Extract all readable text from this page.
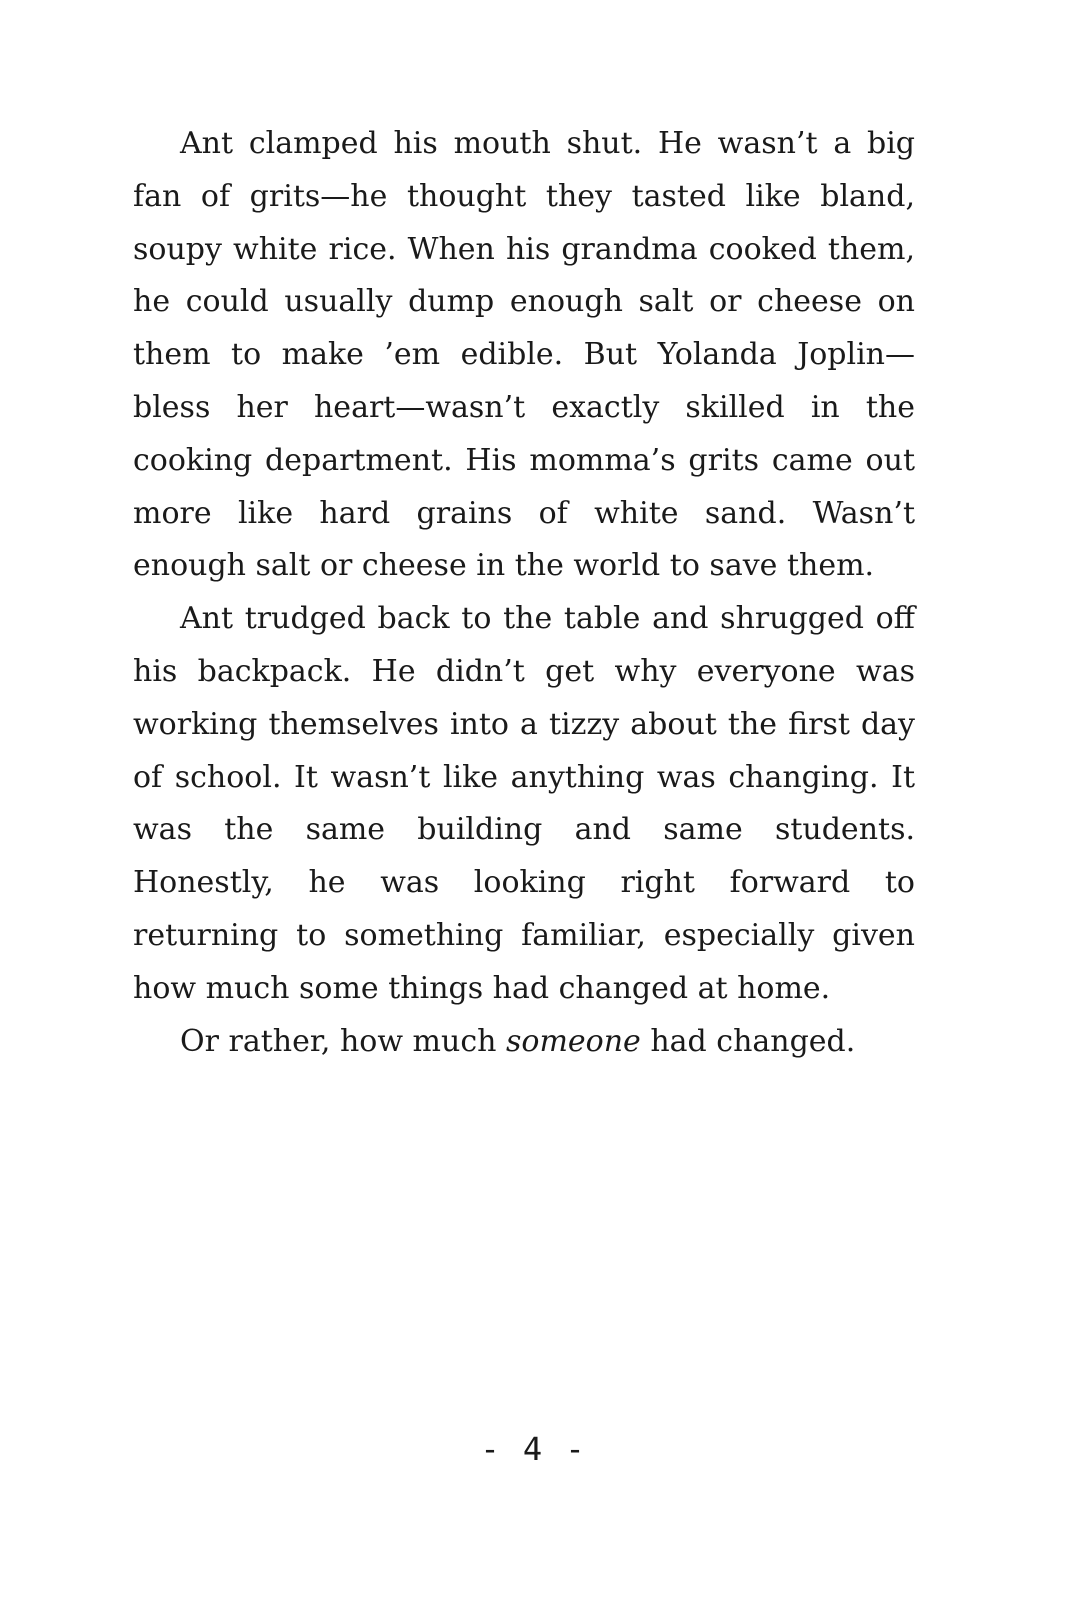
Ant clamped his mouth shut. He wasn’t a big fan of grits—he thought they tasted like bland, soupy white rice. When his grandma cooked them, he could usually dump enough salt or cheese on them to make ’em edible. But Yolanda Joplin—bless her heart—wasn’t exactly skilled in the cooking department. His momma’s grits came out more like hard grains of white sand. Wasn’t enough salt or cheese in the world to save them.

Ant trudged back to the table and shrugged off his backpack. He didn’t get why everyone was working themselves into a tizzy about the first day of school. It wasn’t like anything was changing. It was the same building and same students. Honestly, he was looking right forward to returning to something familiar, especially given how much some things had changed at home.

Or rather, how much someone had changed.

- 4 -
